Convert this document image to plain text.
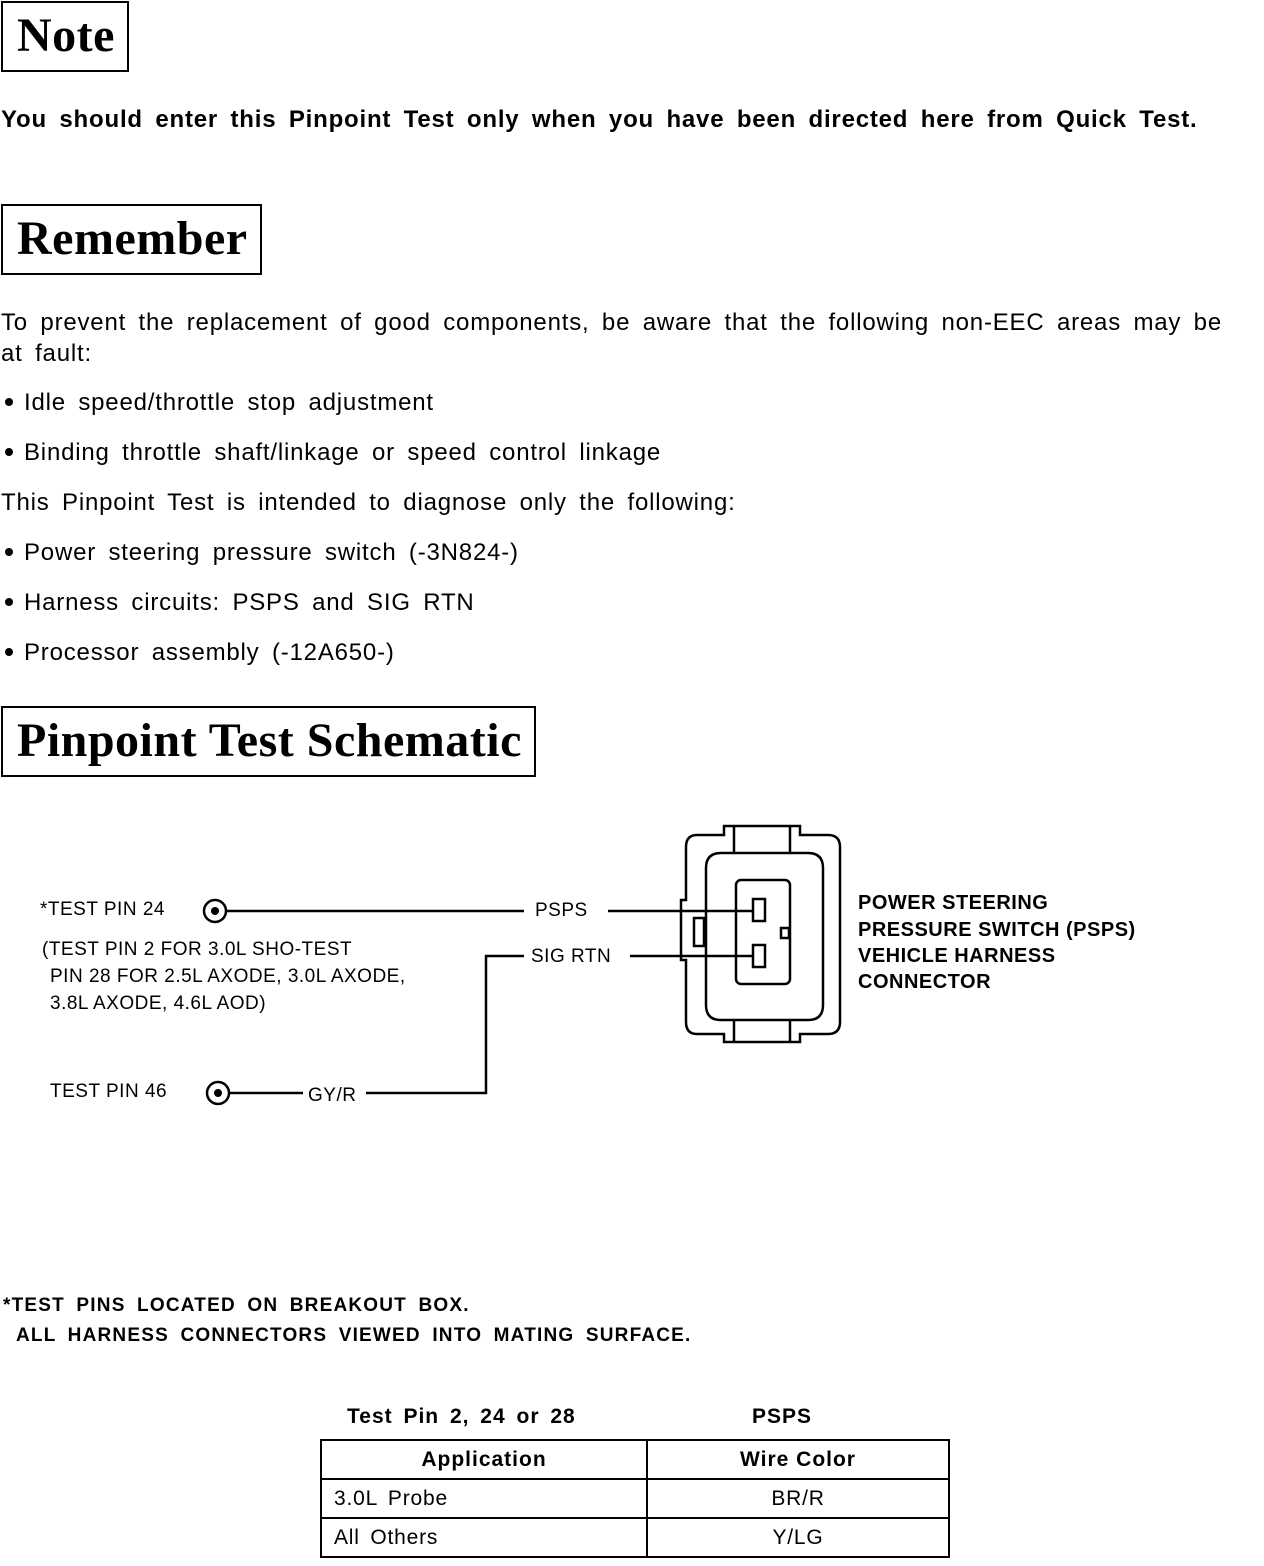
Note

You should enter this Pinpoint Test only when you have been directed here from Quick Test.

Remember

To prevent the replacement of good components, be aware that the following non-EEC areas may be at fault:

Idle speed/throttle stop adjustment
Binding throttle shaft/linkage or speed control linkage

This Pinpoint Test is intended to diagnose only the following:

Power steering pressure switch (-3N824-)
Harness circuits: PSPS and SIG RTN
Processor assembly (-12A650-)
Pinpoint Test Schematic
*TEST PIN 24
(TEST PIN 2 FOR 3.0L SHO-TEST
PIN 28 FOR 2.5L AXODE, 3.0L AXODE,
3.8L AXODE, 4.6L AOD)
TEST PIN 46
PSPS
SIG RTN
GY/R
POWER STEERING
PRESSURE SWITCH (PSPS)
VEHICLE HARNESS
CONNECTOR
*TEST PINS LOCATED ON BREAKOUT BOX.
ALL HARNESS CONNECTORS VIEWED INTO MATING SURFACE.
Test Pin 2, 24 or 28	PSPS
Application	Wire Color
3.0L Probe	BR/R
All Others	Y/LG
